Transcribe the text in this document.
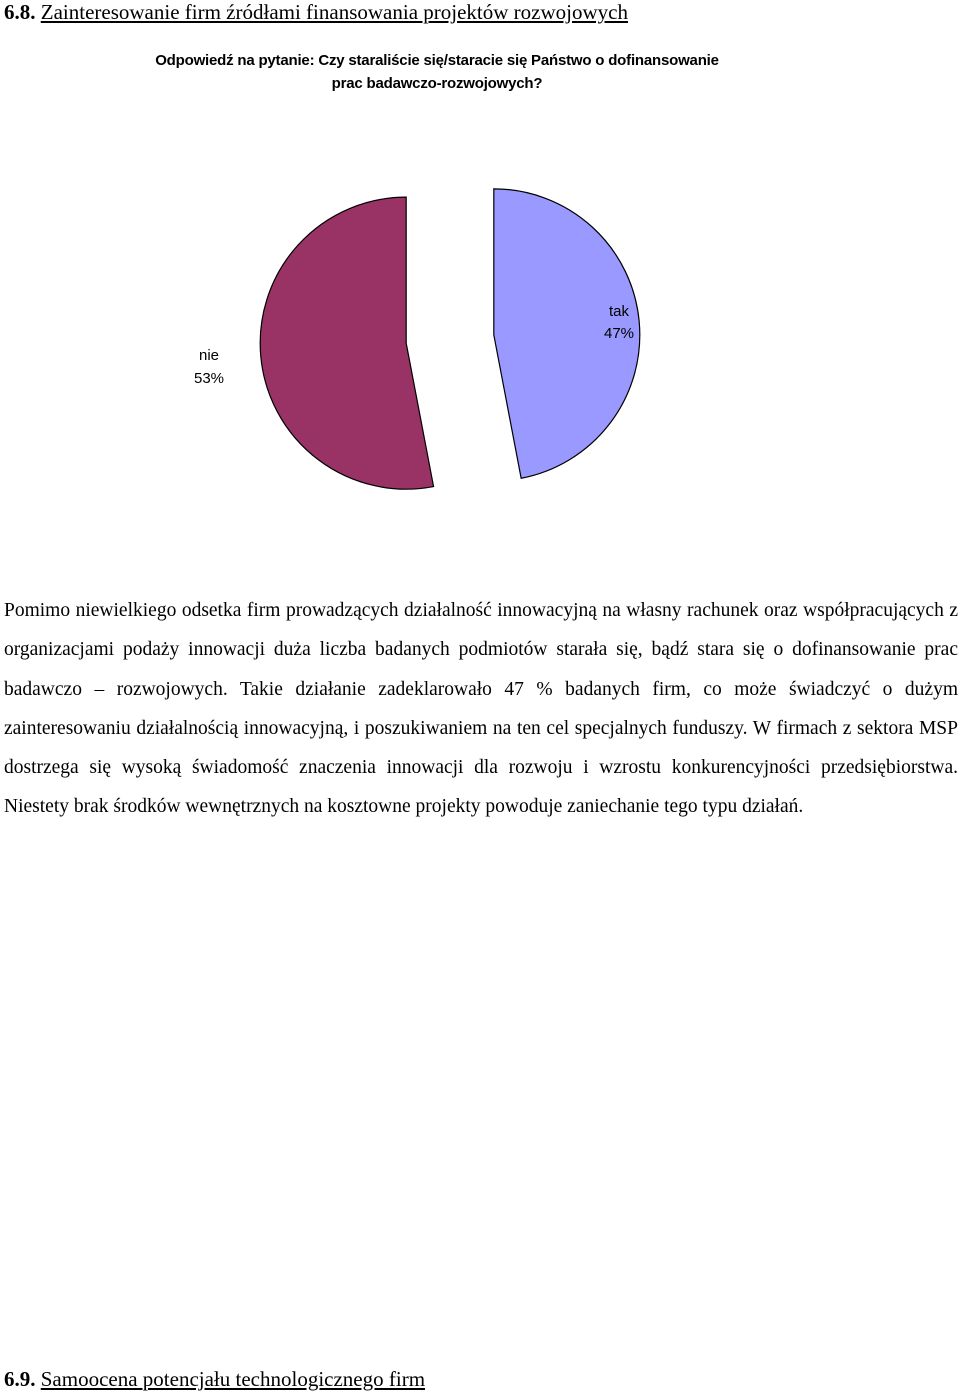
6.8. Zainteresowanie firm źródłami finansowania projektów rozwojowych
Odpowiedź na pytanie: Czy staraliście się/staracie się Państwo o dofinansowanie
prac badawczo-rozwojowych?
tak
47%
nie
53%
Pomimo niewielkiego odsetka firm prowadzących działalność innowacyjną na własny rachunek oraz współpracujących z organizacjami podaży innowacji duża liczba badanych podmiotów starała się, bądź stara się o dofinansowanie prac badawczo – rozwojowych. Takie działanie zadeklarowało 47 % badanych firm, co może świadczyć o dużym zainteresowaniu działalnością innowacyjną, i poszukiwaniem na ten cel specjalnych funduszy. W firmach z sektora MSP dostrzega się wysoką świadomość znaczenia innowacji dla rozwoju i wzrostu konkurencyjności przedsiębiorstwa. Niestety brak środków wewnętrznych na kosztowne projekty powoduje zaniechanie tego typu działań.
6.9. Samoocena potencjału technologicznego firm
